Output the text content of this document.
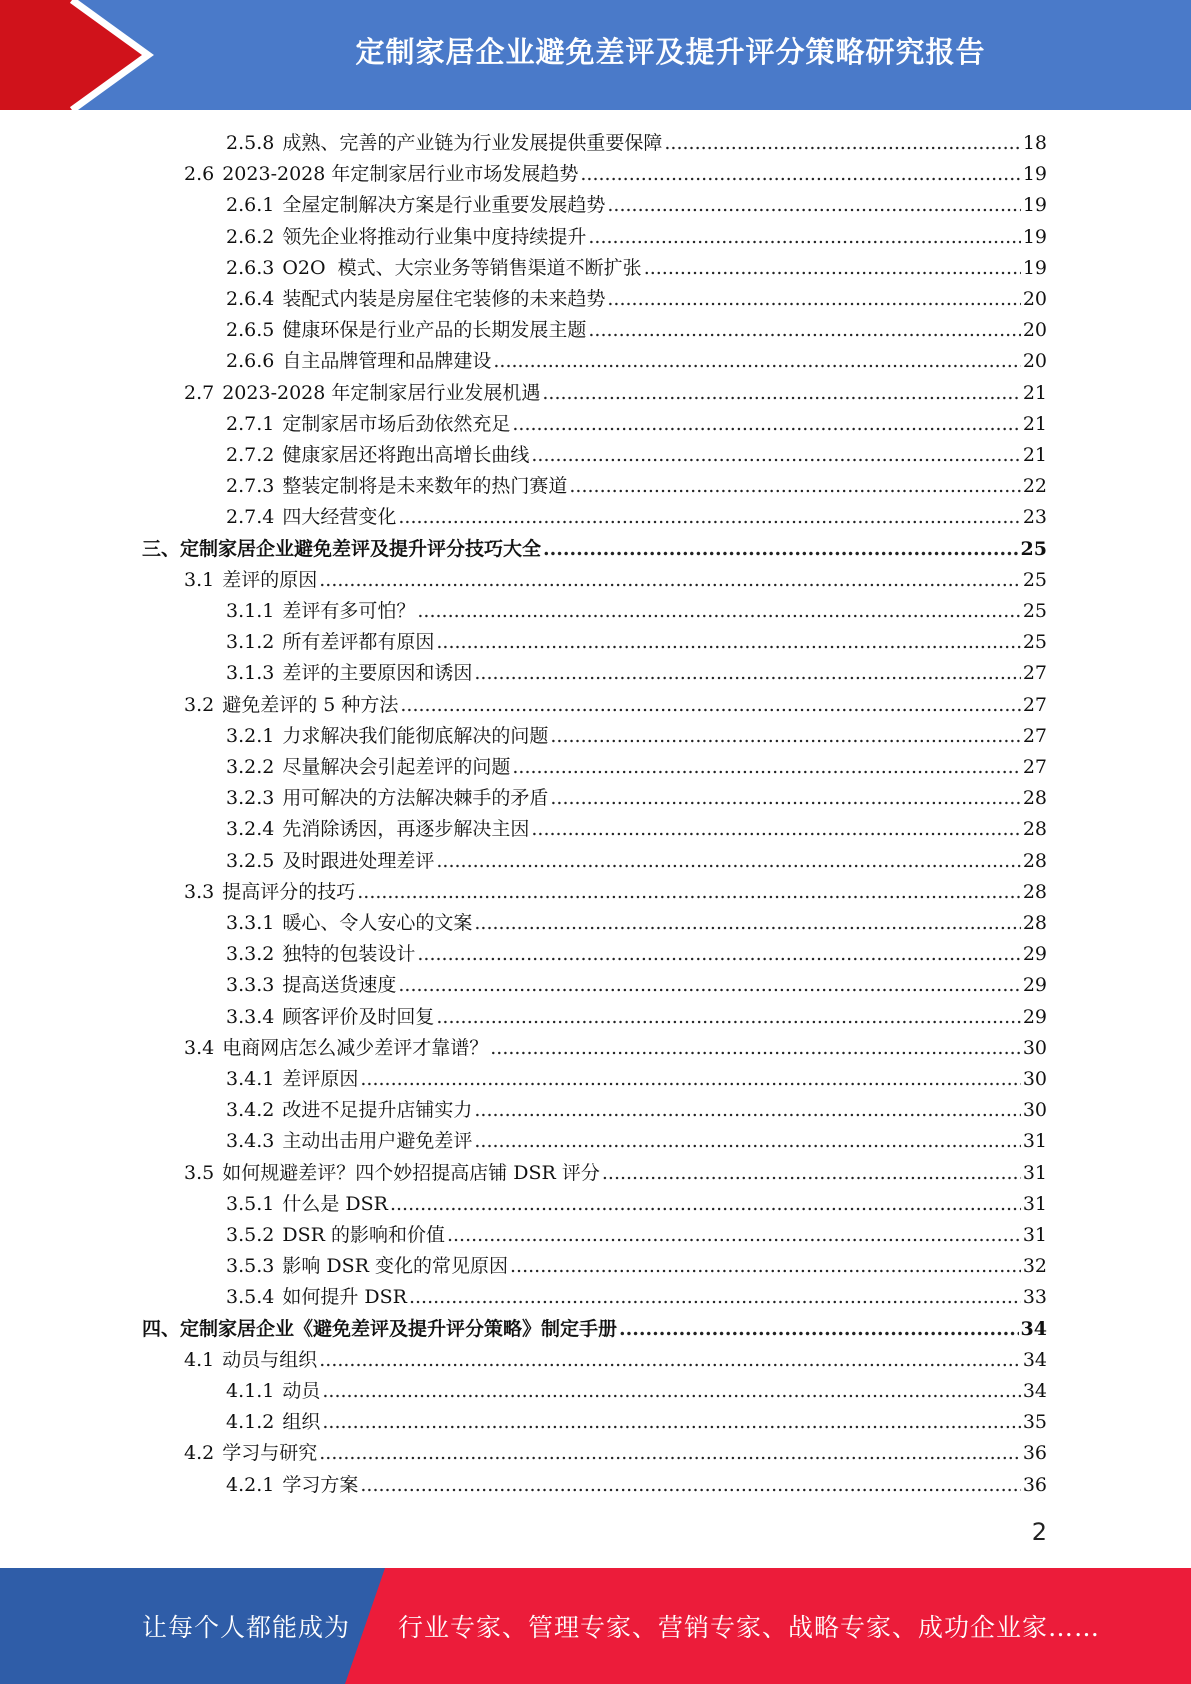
定制家居企业避免差评及提升评分策略研究报告
2.5.8 成熟、完善的产业链为行业发展提供重要保障 .....	18
2.6 2023-2028 年定制家居行业市场发展趋势 .....	19
2.6.1 全屋定制解决方案是行业重要发展趋势 .....	19
2.6.2 领先企业将推动行业集中度持续提升 .....	19
2.6.3 O2O  模式、大宗业务等销售渠道不断扩张 .....	19
2.6.4 装配式内装是房屋住宅装修的未来趋势 .....	20
2.6.5 健康环保是行业产品的长期发展主题 .....	20
2.6.6 自主品牌管理和品牌建设 .....	20
2.7 2023-2028 年定制家居行业发展机遇 .....	21
2.7.1 定制家居市场后劲依然充足 .....	21
2.7.2 健康家居还将跑出高增长曲线 .....	21
2.7.3 整装定制将是未来数年的热门赛道 .....	22
2.7.4 四大经营变化 .....	23
三、 定制家居企业避免差评及提升评分技巧大全 .....	25
3.1 差评的原因 .....	25
3.1.1 差评有多可怕？ .....	25
3.1.2 所有差评都有原因 .....	25
3.1.3 差评的主要原因和诱因 .....	27
3.2 避免差评的 5 种方法 .....	27
3.2.1 力求解决我们能彻底解决的问题 .....	27
3.2.2 尽量解决会引起差评的问题 .....	27
3.2.3 用可解决的方法解决棘手的矛盾 .....	28
3.2.4 先消除诱因，再逐步解决主因 .....	28
3.2.5 及时跟进处理差评 .....	28
3.3 提高评分的技巧 .....	28
3.3.1 暖心、令人安心的文案 .....	28
3.3.2 独特的包装设计 .....	29
3.3.3 提高送货速度 .....	29
3.3.4 顾客评价及时回复 .....	29
3.4 电商网店怎么减少差评才靠谱？ .....	30
3.4.1 差评原因 .....	30
3.4.2 改进不足提升店铺实力 .....	30
3.4.3 主动出击用户避免差评 .....	31
3.5 如何规避差评？四个妙招提高店铺 DSR 评分 .....	31
3.5.1 什么是 DSR .....	31
3.5.2 DSR 的影响和价值 .....	31
3.5.3 影响 DSR 变化的常见原因 .....	32
3.5.4 如何提升 DSR .....	33
四、 定制家居企业《避免差评及提升评分策略》制定手册 .....	34
4.1 动员与组织 .....	34
4.1.1 动员 .....	34
4.1.2 组织 .....	35
4.2 学习与研究 .....	36
4.2.1 学习方案 .....	36
2
让每个人都能成为 行业专家、管理专家、营销专家、战略专家、成功企业家……
